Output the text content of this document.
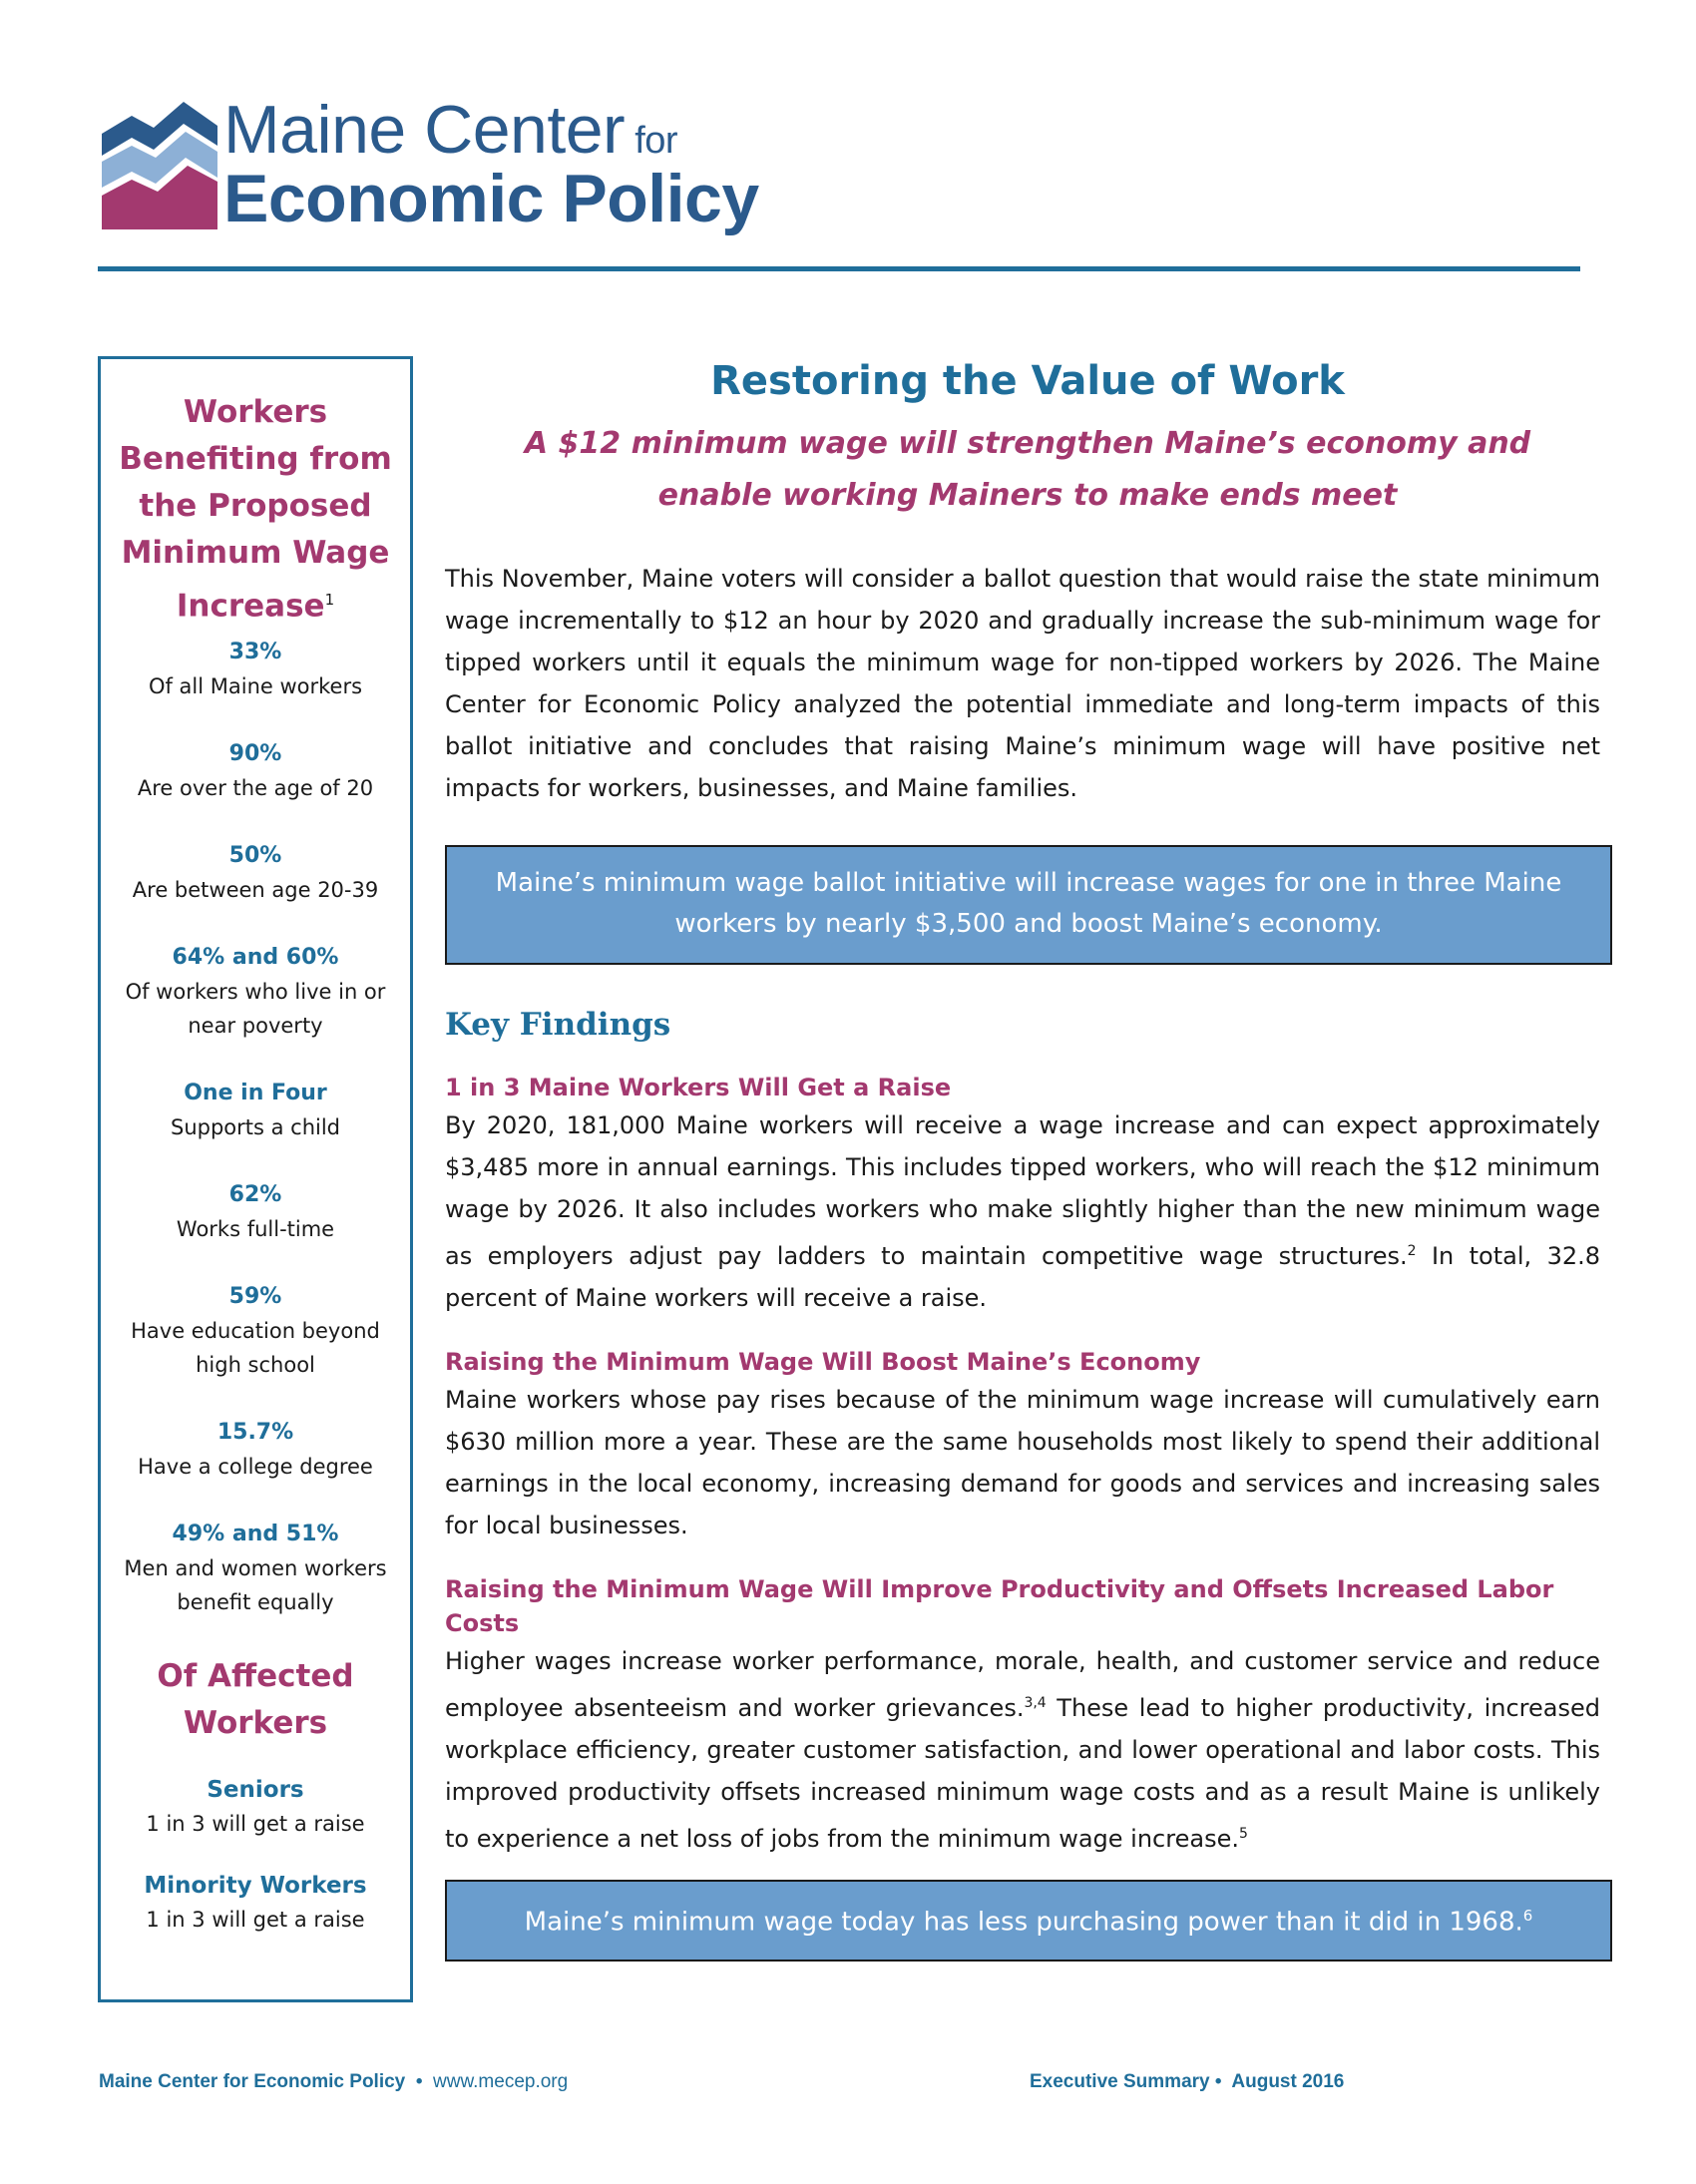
Maine Center for
Economic Policy
Workers Benefiting from the Proposed Minimum Wage Increase$^1$
33%
Of all Maine workers
90%
Are over the age of 20
50%
Are between age 20-39
64% and 60%
Of workers who live in or near poverty
One in Four
Supports a child
62%
Works full-time
59%
Have education beyond high school
15.7%
Have a college degree
49% and 51%
Men and women workers benefit equally
Of Affected Workers
Seniors
1 in 3 will get a raise
Minority Workers
1 in 3 will get a raise
Restoring the Value of Work
A $12 minimum wage will strengthen Maine’s economy and
enable working Mainers to make ends meet

This November, Maine voters will consider a ballot question that would raise the state minimum wage incrementally to $12 an hour by 2020 and gradually increase the sub-minimum wage for tipped workers until it equals the minimum wage for non-tipped workers by 2026. The Maine Center for Economic Policy analyzed the potential immediate and long-term impacts of this ballot initiative and concludes that raising Maine’s minimum wage will have positive net impacts for workers, businesses, and Maine families.

Maine’s minimum wage ballot initiative will increase wages for one in three Maine workers by nearly $3,500 and boost Maine’s economy.
Key Findings
1 in 3 Maine Workers Will Get a Raise
By 2020, 181,000 Maine workers will receive a wage increase and can expect approximately $3,485 more in annual earnings. This includes tipped workers, who will reach the $12 minimum wage by 2026. It also includes workers who make slightly higher than the new minimum wage as employers adjust pay ladders to maintain competitive wage structures.$^2$ In total, 32.8 percent of Maine workers will receive a raise.
Raising the Minimum Wage Will Boost Maine’s Economy
Maine workers whose pay rises because of the minimum wage increase will cumulatively earn $630 million more a year. These are the same households most likely to spend their additional earnings in the local economy, increasing demand for goods and services and increasing sales for local businesses.
Raising the Minimum Wage Will Improve Productivity and Offsets Increased Labor Costs
Higher wages increase worker performance, morale, health, and customer service and reduce employee absenteeism and worker grievances.$^{3,4}$ These lead to higher productivity, increased workplace efficiency, greater customer satisfaction, and lower operational and labor costs. This improved productivity offsets increased minimum wage costs and as a result Maine is unlikely to experience a net loss of jobs from the minimum wage increase.$^5$
Maine’s minimum wage today has less purchasing power than it did in 1968.$^6$
Maine Center for Economic Policy • www.mecep.org	Executive Summary • August 2016
